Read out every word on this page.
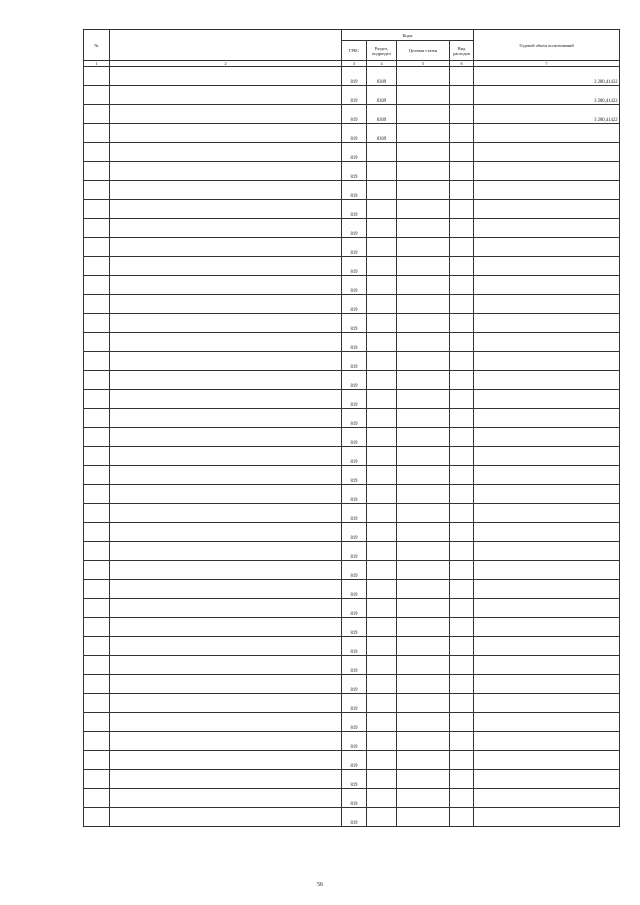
№		Коды				Годовой объем ассигнований
		ГРБС	Раздел, подраздел	Целевая статья	Вид расходов	
1	2	3	4	5	6	7
		819	0309			3 280,41422
		819	0309			3 280,41422
		819	0309			3 280,41422
		819	0309			
		819				
		819				
		819				
		819				
		819				
		819				
		819				
		819				
		819				
		819				
		819				
		819				
		819				
		819				
		819				
		819				
		819				
		819				
		819				
		819				
		819				
		819				
		819				
		819				
		819				
		819				
		819				
		819				
		819				
		819				
		819				
		819				
		819				
		819				
		819				
		819				
56
